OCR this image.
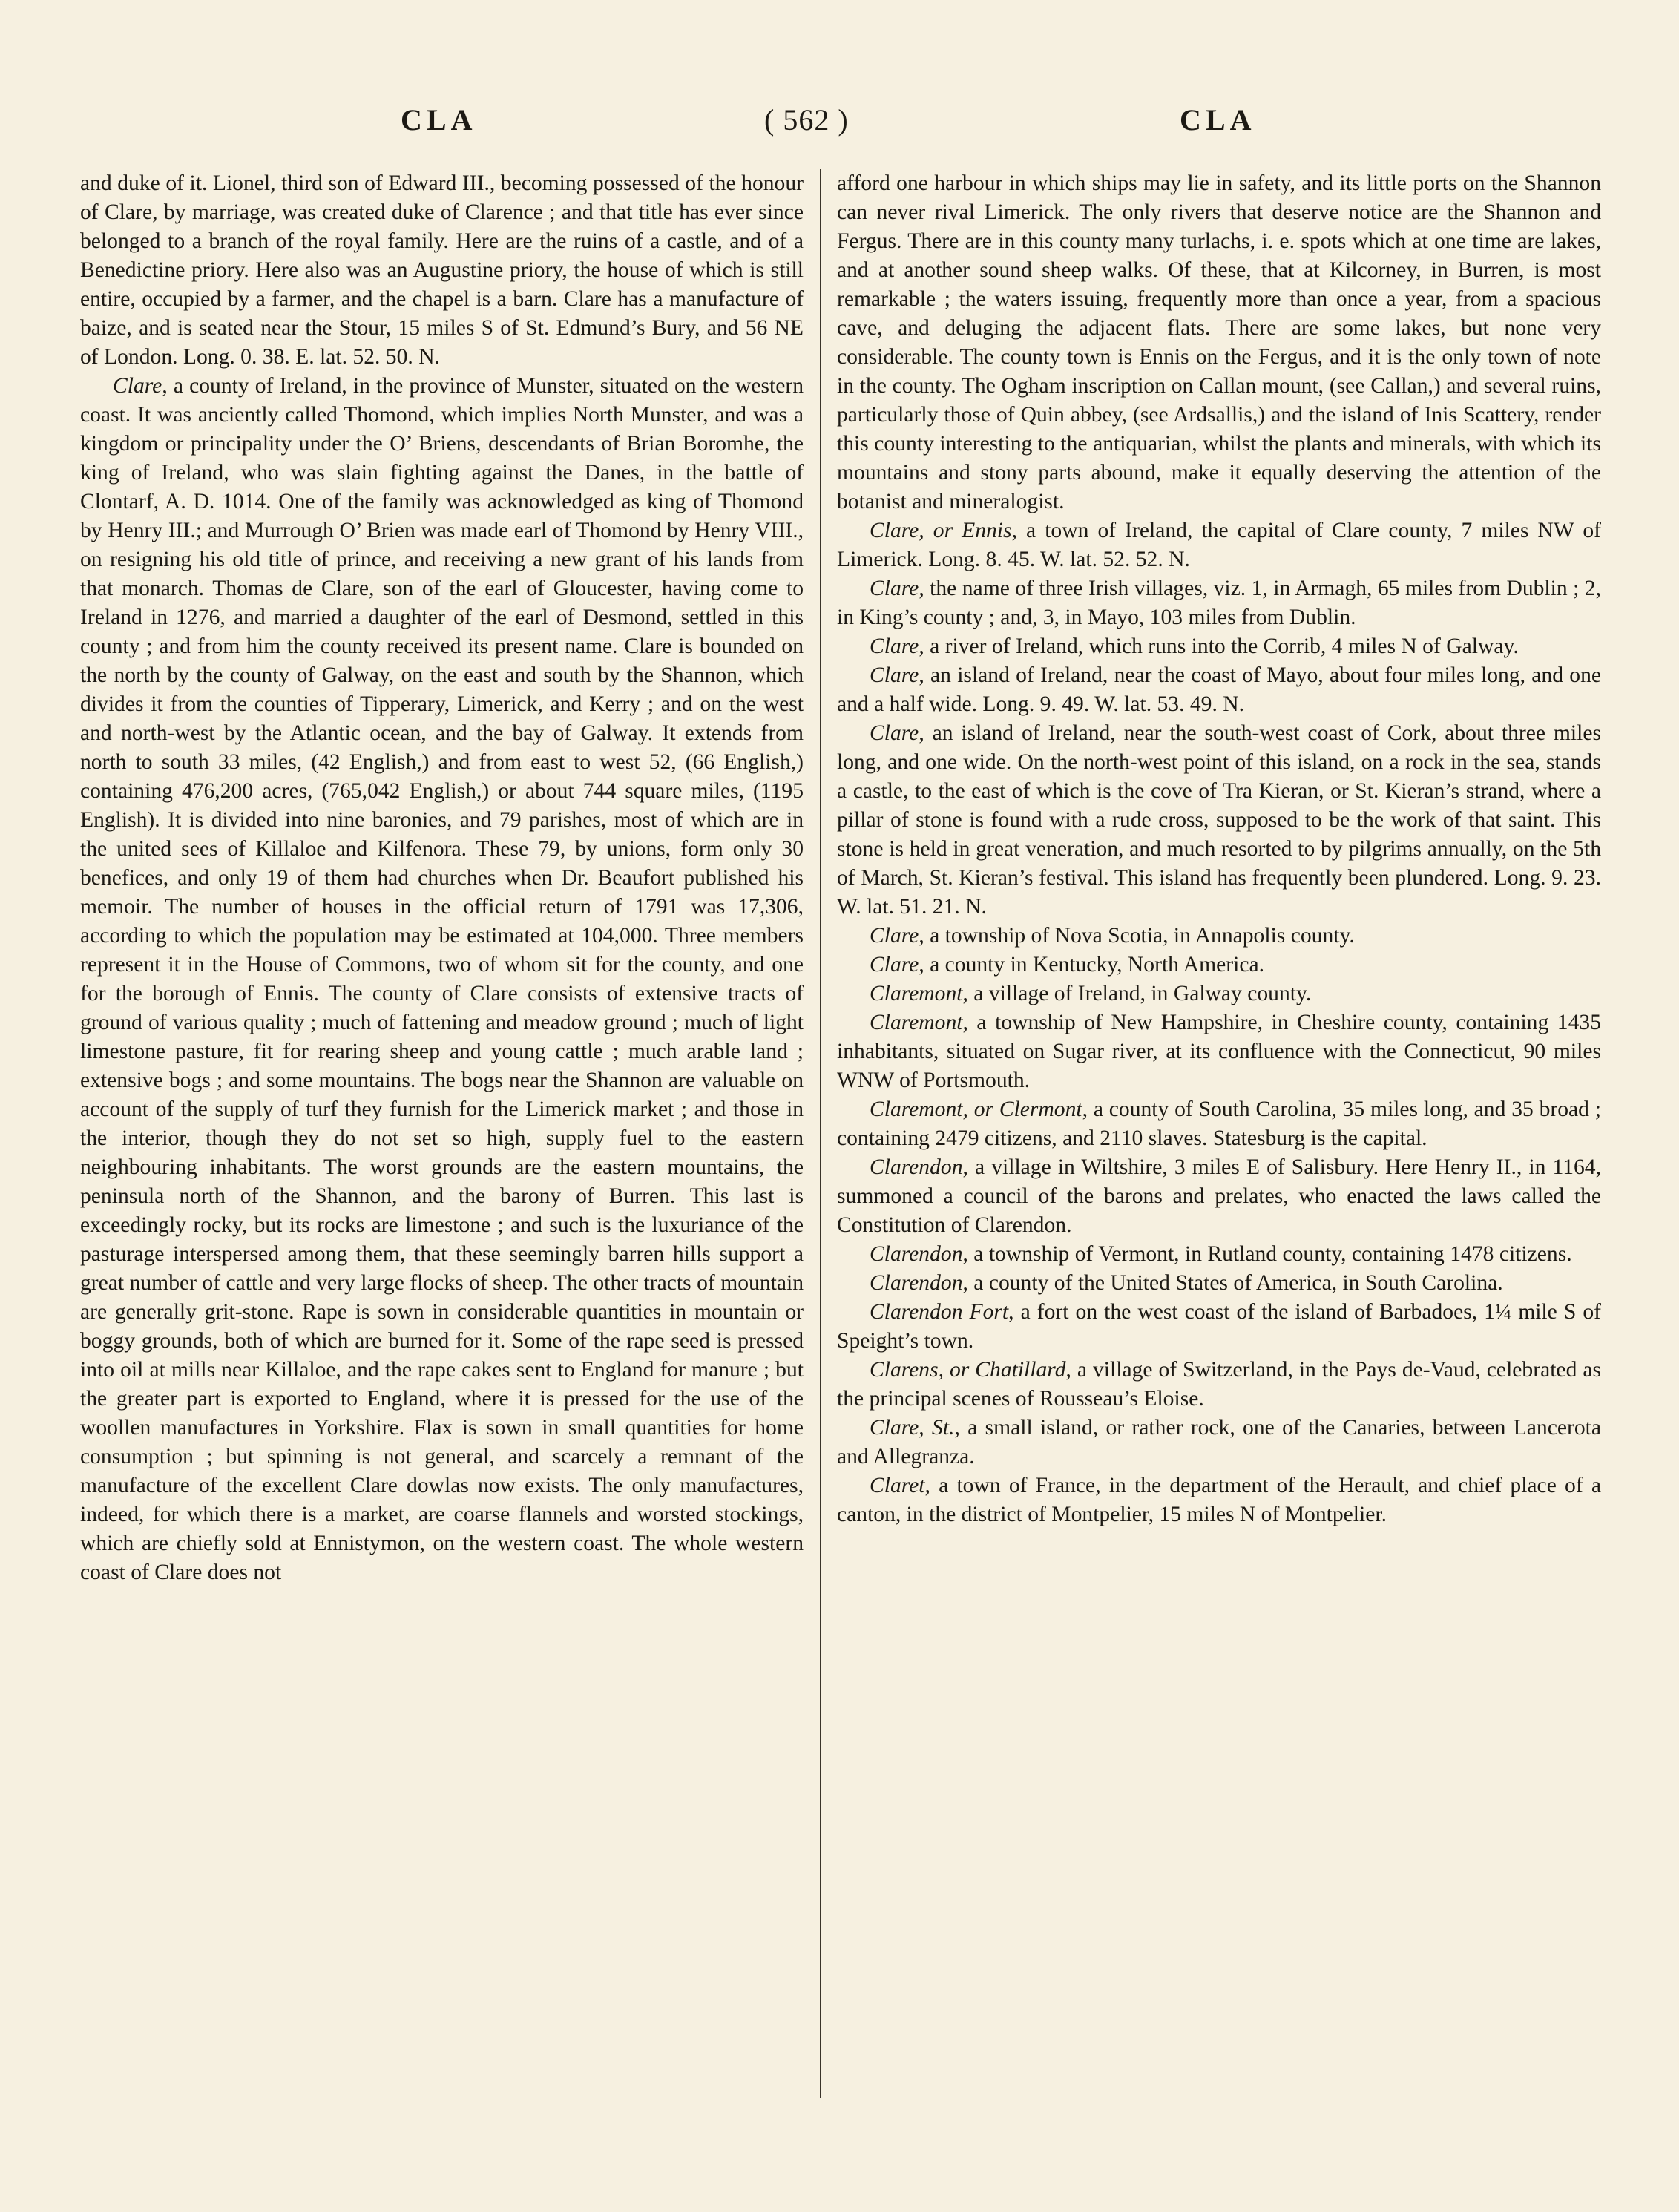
CLA	( 562 )	CLA

and duke of it. Lionel, third son of Edward III., becoming possessed of the honour of Clare, by marriage, was created duke of Clarence ; and that title has ever since belonged to a branch of the royal family. Here are the ruins of a castle, and of a Benedictine priory. Here also was an Augustine priory, the house of which is still entire, occupied by a farmer, and the chapel is a barn. Clare has a manufacture of baize, and is seated near the Stour, 15 miles S of St. Edmund’s Bury, and 56 NE of London. Long. 0. 38. E. lat. 52. 50. N.

Clare, a county of Ireland, in the province of Munster, situated on the western coast. It was anciently called Thomond, which implies North Munster, and was a kingdom or principality under the O’ Briens, descendants of Brian Boromhe, the king of Ireland, who was slain fighting against the Danes, in the battle of Clontarf, A. D. 1014. One of the family was acknowledged as king of Thomond by Henry III.; and Murrough O’ Brien was made earl of Thomond by Henry VIII., on resigning his old title of prince, and receiving a new grant of his lands from that monarch. Thomas de Clare, son of the earl of Gloucester, having come to Ireland in 1276, and married a daughter of the earl of Desmond, settled in this county ; and from him the county received its present name. Clare is bounded on the north by the county of Galway, on the east and south by the Shannon, which divides it from the counties of Tipperary, Limerick, and Kerry ; and on the west and north-west by the Atlantic ocean, and the bay of Galway. It extends from north to south 33 miles, (42 English,) and from east to west 52, (66 English,) containing 476,200 acres, (765,042 English,) or about 744 square miles, (1195 English). It is divided into nine baronies, and 79 parishes, most of which are in the united sees of Killaloe and Kilfenora. These 79, by unions, form only 30 benefices, and only 19 of them had churches when Dr. Beaufort published his memoir. The number of houses in the official return of 1791 was 17,306, according to which the population may be estimated at 104,000. Three members represent it in the House of Commons, two of whom sit for the county, and one for the borough of Ennis. The county of Clare consists of extensive tracts of ground of various quality ; much of fattening and meadow ground ; much of light limestone pasture, fit for rearing sheep and young cattle ; much arable land ; extensive bogs ; and some mountains. The bogs near the Shannon are valuable on account of the supply of turf they furnish for the Limerick market ; and those in the interior, though they do not set so high, supply fuel to the eastern neighbouring inhabitants. The worst grounds are the eastern mountains, the peninsula north of the Shannon, and the barony of Burren. This last is exceedingly rocky, but its rocks are limestone ; and such is the luxuriance of the pasturage interspersed among them, that these seemingly barren hills support a great number of cattle and very large flocks of sheep. The other tracts of mountain are generally grit-stone. Rape is sown in considerable quantities in mountain or boggy grounds, both of which are burned for it. Some of the rape seed is pressed into oil at mills near Killaloe, and the rape cakes sent to England for manure ; but the greater part is exported to England, where it is pressed for the use of the woollen manufactures in Yorkshire. Flax is sown in small quantities for home consumption ; but spinning is not general, and scarcely a remnant of the manufacture of the excellent Clare dowlas now exists. The only manufactures, indeed, for which there is a market, are coarse flannels and worsted stockings, which are chiefly sold at Ennistymon, on the western coast. The whole western coast of Clare does not

afford one harbour in which ships may lie in safety, and its little ports on the Shannon can never rival Limerick. The only rivers that deserve notice are the Shannon and Fergus. There are in this county many turlachs, i. e. spots which at one time are lakes, and at another sound sheep walks. Of these, that at Kilcorney, in Burren, is most remarkable ; the waters issuing, frequently more than once a year, from a spacious cave, and deluging the adjacent flats. There are some lakes, but none very considerable. The county town is Ennis on the Fergus, and it is the only town of note in the county. The Ogham inscription on Callan mount, (see Callan,) and several ruins, particularly those of Quin abbey, (see Ardsallis,) and the island of Inis Scattery, render this county interesting to the antiquarian, whilst the plants and minerals, with which its mountains and stony parts abound, make it equally deserving the attention of the botanist and mineralogist.

Clare, or Ennis, a town of Ireland, the capital of Clare county, 7 miles NW of Limerick. Long. 8. 45. W. lat. 52. 52. N.

Clare, the name of three Irish villages, viz. 1, in Armagh, 65 miles from Dublin ; 2, in King’s county ; and, 3, in Mayo, 103 miles from Dublin.

Clare, a river of Ireland, which runs into the Corrib, 4 miles N of Galway.

Clare, an island of Ireland, near the coast of Mayo, about four miles long, and one and a half wide. Long. 9. 49. W. lat. 53. 49. N.

Clare, an island of Ireland, near the south-west coast of Cork, about three miles long, and one wide. On the north-west point of this island, on a rock in the sea, stands a castle, to the east of which is the cove of Tra Kieran, or St. Kieran’s strand, where a pillar of stone is found with a rude cross, supposed to be the work of that saint. This stone is held in great veneration, and much resorted to by pilgrims annually, on the 5th of March, St. Kieran’s festival. This island has frequently been plundered. Long. 9. 23. W. lat. 51. 21. N.

Clare, a township of Nova Scotia, in Annapolis county.

Clare, a county in Kentucky, North America.

Claremont, a village of Ireland, in Galway county.

Claremont, a township of New Hampshire, in Cheshire county, containing 1435 inhabitants, situated on Sugar river, at its confluence with the Connecticut, 90 miles WNW of Portsmouth.

Claremont, or Clermont, a county of South Carolina, 35 miles long, and 35 broad ; containing 2479 citizens, and 2110 slaves. Statesburg is the capital.

Clarendon, a village in Wiltshire, 3 miles E of Salisbury. Here Henry II., in 1164, summoned a council of the barons and prelates, who enacted the laws called the Constitution of Clarendon.

Clarendon, a township of Vermont, in Rutland county, containing 1478 citizens.

Clarendon, a county of the United States of America, in South Carolina.

Clarendon Fort, a fort on the west coast of the island of Barbadoes, 1¼ mile S of Speight’s town.

Clarens, or Chatillard, a village of Switzerland, in the Pays de-Vaud, celebrated as the principal scenes of Rousseau’s Eloise.

Clare, St., a small island, or rather rock, one of the Canaries, between Lancerota and Allegranza.

Claret, a town of France, in the department of the Herault, and chief place of a canton, in the district of Montpelier, 15 miles N of Montpelier.
